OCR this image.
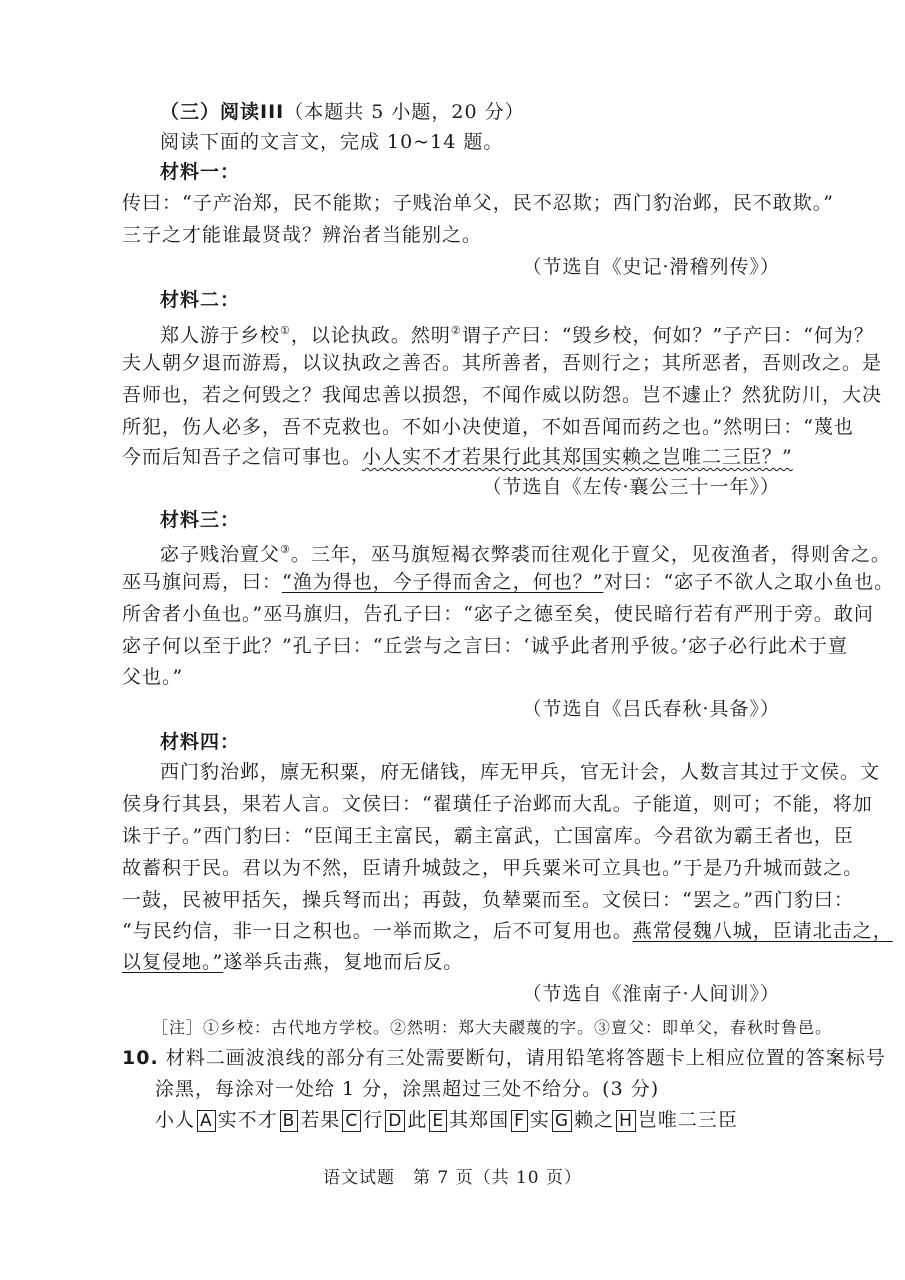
（三）阅读III（本题共 5 小题，20 分）
阅读下面的文言文，完成 10~14 题。
材料一：
传曰：“子产治郑，民不能欺；子贱治单父，民不忍欺；西门豹治邺，民不敢欺。”
三子之才能谁最贤哉？辨治者当能别之。
（节选自《史记·滑稽列传》）
材料二：
郑人游于乡校①，以论执政。然明②谓子产曰：“毁乡校，何如？”子产曰：“何为？
夫人朝夕退而游焉，以议执政之善否。其所善者，吾则行之；其所恶者，吾则改之。是
吾师也，若之何毁之？我闻忠善以损怨，不闻作威以防怨。岂不遽止？然犹防川，大决
所犯，伤人必多，吾不克救也。不如小决使道，不如吾闻而药之也。”然明曰：“蔑也
今而后知吾子之信可事也。小人实不才若果行此其郑国实赖之岂唯二三臣？”
（节选自《左传·襄公三十一年》）
材料三：
宓子贱治亶父③。三年，巫马旗短褐衣弊裘而往观化于亶父，见夜渔者，得则舍之。
巫马旗问焉，曰：“渔为得也，今子得而舍之，何也？”对曰：“宓子不欲人之取小鱼也。
所舍者小鱼也。”巫马旗归，告孔子曰：“宓子之德至矣，使民暗行若有严刑于旁。敢问
宓子何以至于此？”孔子曰：“丘尝与之言曰：‘诚乎此者刑乎彼。’宓子必行此术于亶
父也。”
（节选自《吕氏春秋·具备》）
材料四：
西门豹治邺，廪无积粟，府无储钱，库无甲兵，官无计会，人数言其过于文侯。文
侯身行其县，果若人言。文侯曰：“翟璜任子治邺而大乱。子能道，则可；不能，将加
诛于子。”西门豹曰：“臣闻王主富民，霸主富武，亡国富库。今君欲为霸王者也，臣
故蓄积于民。君以为不然，臣请升城鼓之，甲兵粟米可立具也。”于是乃升城而鼓之。
一鼓，民被甲括矢，操兵弩而出；再鼓，负辇粟而至。文侯曰：“罢之。”西门豹曰：
“与民约信，非一日之积也。一举而欺之，后不可复用也。燕常侵魏八城，臣请北击之，
以复侵地。”遂举兵击燕，复地而后反。
（节选自《淮南子·人间训》）
［注］①乡校：古代地方学校。②然明：郑大夫鬷蔑的字。③亶父：即单父，春秋时鲁邑。
10. 材料二画波浪线的部分有三处需要断句，请用铅笔将答题卡上相应位置的答案标号
涂黑，每涂对一处给 1 分，涂黑超过三处不给分。(3 分)
小人 A 实不才 B 若果 C 行 D 此 E 其郑国 F 实 G 赖之 H 岂唯二三臣
语文试题　第 7 页（共 10 页）
